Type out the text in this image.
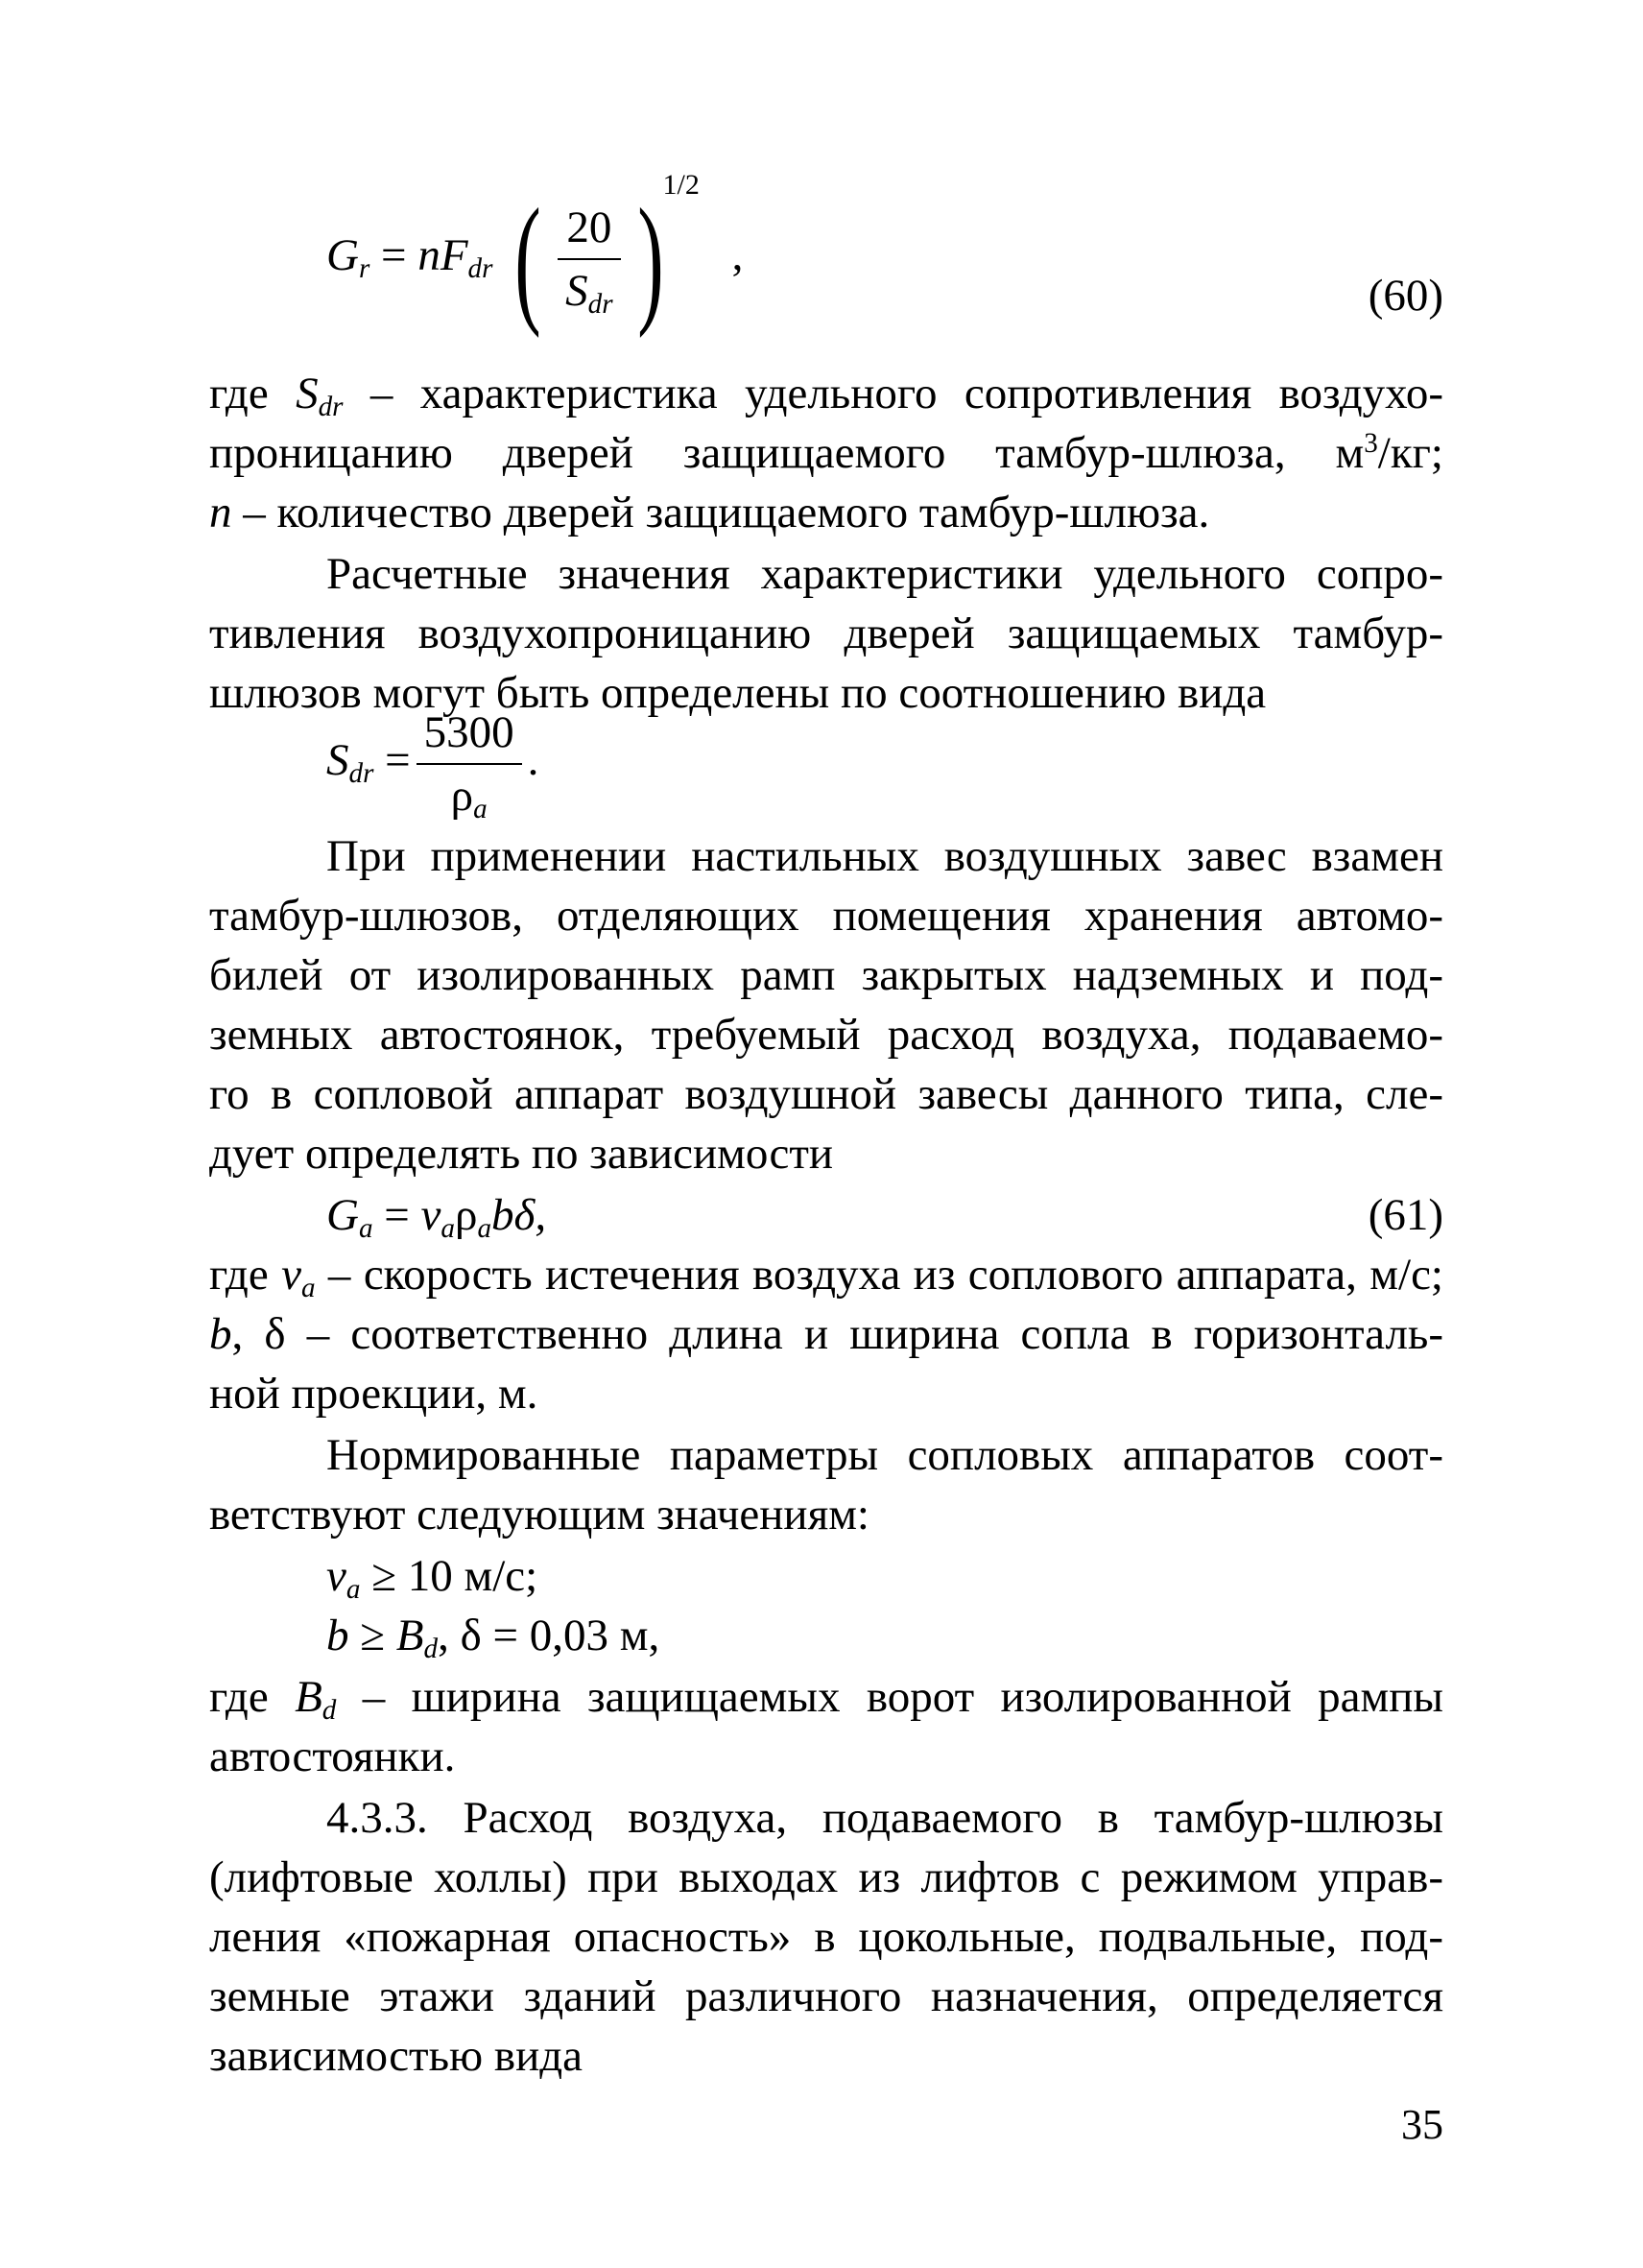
$G_r = nF_{dr}$ ( $\frac{20}{S_{dr}} )^{1/2}$ ,
(60)
где $S_{dr}$ – характеристика удельного сопротивления воздухо-
проницанию дверей защищаемого тамбур-шлюза, $м^3/кг$;
n – количество дверей защищаемого тамбур-шлюза.
Расчетные значения характеристики удельного сопро-
тивления воздухопроницанию дверей защищаемых тамбур-
шлюзов могут быть определены по соотношению вида
$S_{dr} = \frac{5300}{\rho_a}$ .
При применении настильных воздушных завес взамен
тамбур-шлюзов, отделяющих помещения хранения автомо-
билей от изолированных рамп закрытых надземных и под-
земных автостоянок, требуемый расход воздуха, подаваемо-
го в сопловой аппарат воздушной завесы данного типа, сле-
дует определять по зависимости
$G_a = v_a\rho_ab\delta$,	(61)
где $v_a$ – скорость истечения воздуха из соплового аппарата, м/с;
b, δ – соответственно длина и ширина сопла в горизонталь-
ной проекции, м.
Нормированные параметры сопловых аппаратов соот-
ветствуют следующим значениям:
$v_a \ge 10$ м/с;
$b \ge B_d$, δ = 0,03 м,
где $B_d$ – ширина защищаемых ворот изолированной рампы
автостоянки.
4.3.3. Расход воздуха, подаваемого в тамбур-шлюзы
(лифтовые холлы) при выходах из лифтов с режимом управ-
ления «пожарная опасность» в цокольные, подвальные, под-
земные этажи зданий различного назначения, определяется
зависимостью вида
35
